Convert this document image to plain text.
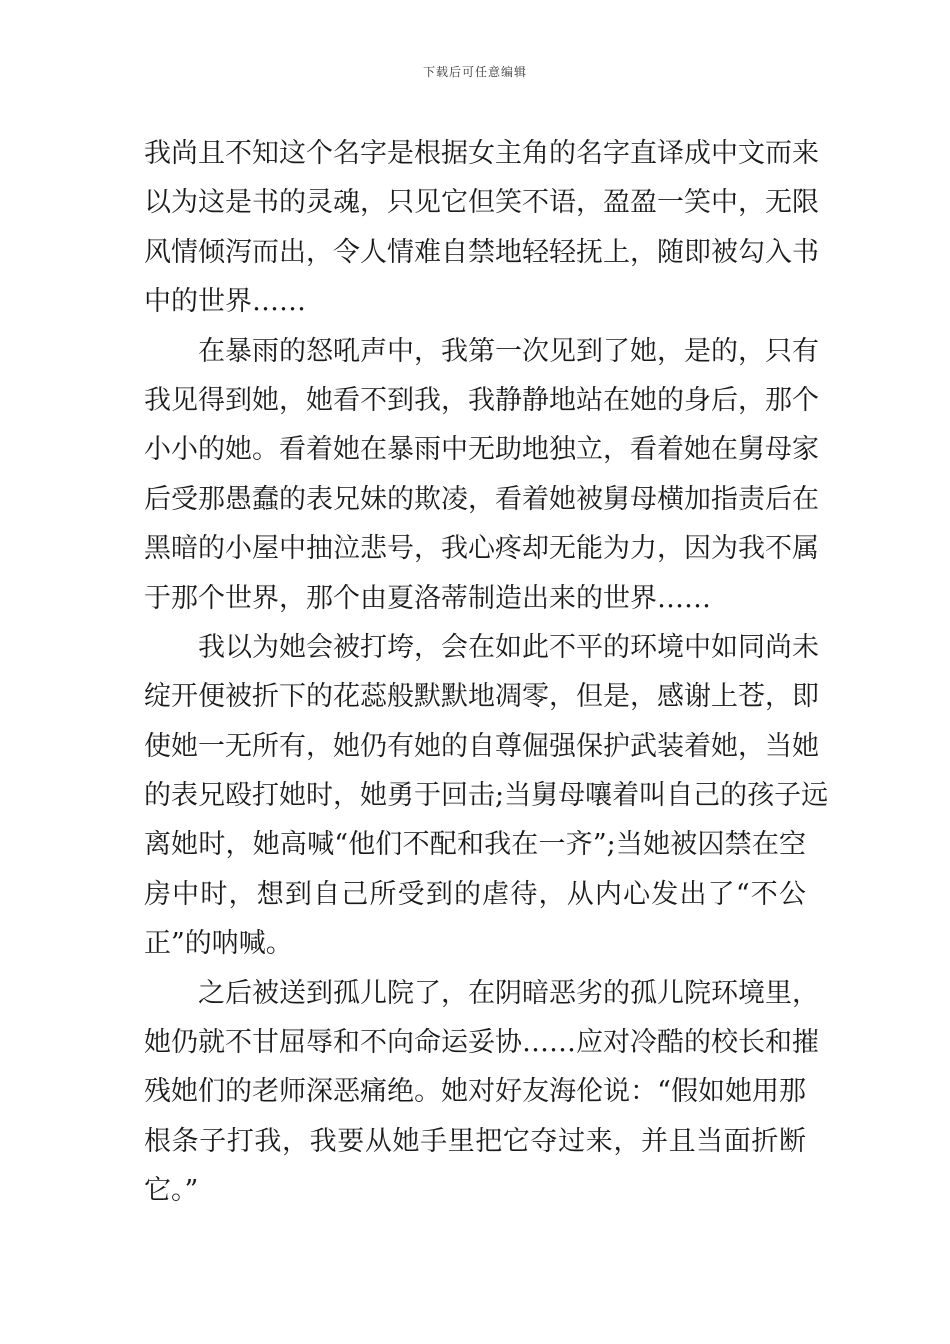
下载后可任意编辑
我尚且不知这个名字是根据女主角的名字直译成中文而来
以为这是书的灵魂，只见它但笑不语，盈盈一笑中，无限
风情倾泻而出，令人情难自禁地轻轻抚上，随即被勾入书
中的世界……
在暴雨的怒吼声中，我第一次见到了她，是的，只有
我见得到她，她看不到我，我静静地站在她的身后，那个
小小的她。看着她在暴雨中无助地独立，看着她在舅母家
后受那愚蠢的表兄妹的欺凌，看着她被舅母横加指责后在
黑暗的小屋中抽泣悲号，我心疼却无能为力，因为我不属
于那个世界，那个由夏洛蒂制造出来的世界……
我以为她会被打垮，会在如此不平的环境中如同尚未
绽开便被折下的花蕊般默默地凋零，但是，感谢上苍，即
使她一无所有，她仍有她的自尊倔强保护武装着她，当她
的表兄殴打她时，她勇于回击;当舅母嚷着叫自己的孩子远
离她时，她高喊“他们不配和我在一齐”;当她被囚禁在空
房中时，想到自己所受到的虐待，从内心发出了“不公
正”的呐喊。
之后被送到孤儿院了，在阴暗恶劣的孤儿院环境里，
她仍就不甘屈辱和不向命运妥协……应对冷酷的校长和摧
残她们的老师深恶痛绝。她对好友海伦说：“假如她用那
根条子打我，我要从她手里把它夺过来，并且当面折断
它。”
